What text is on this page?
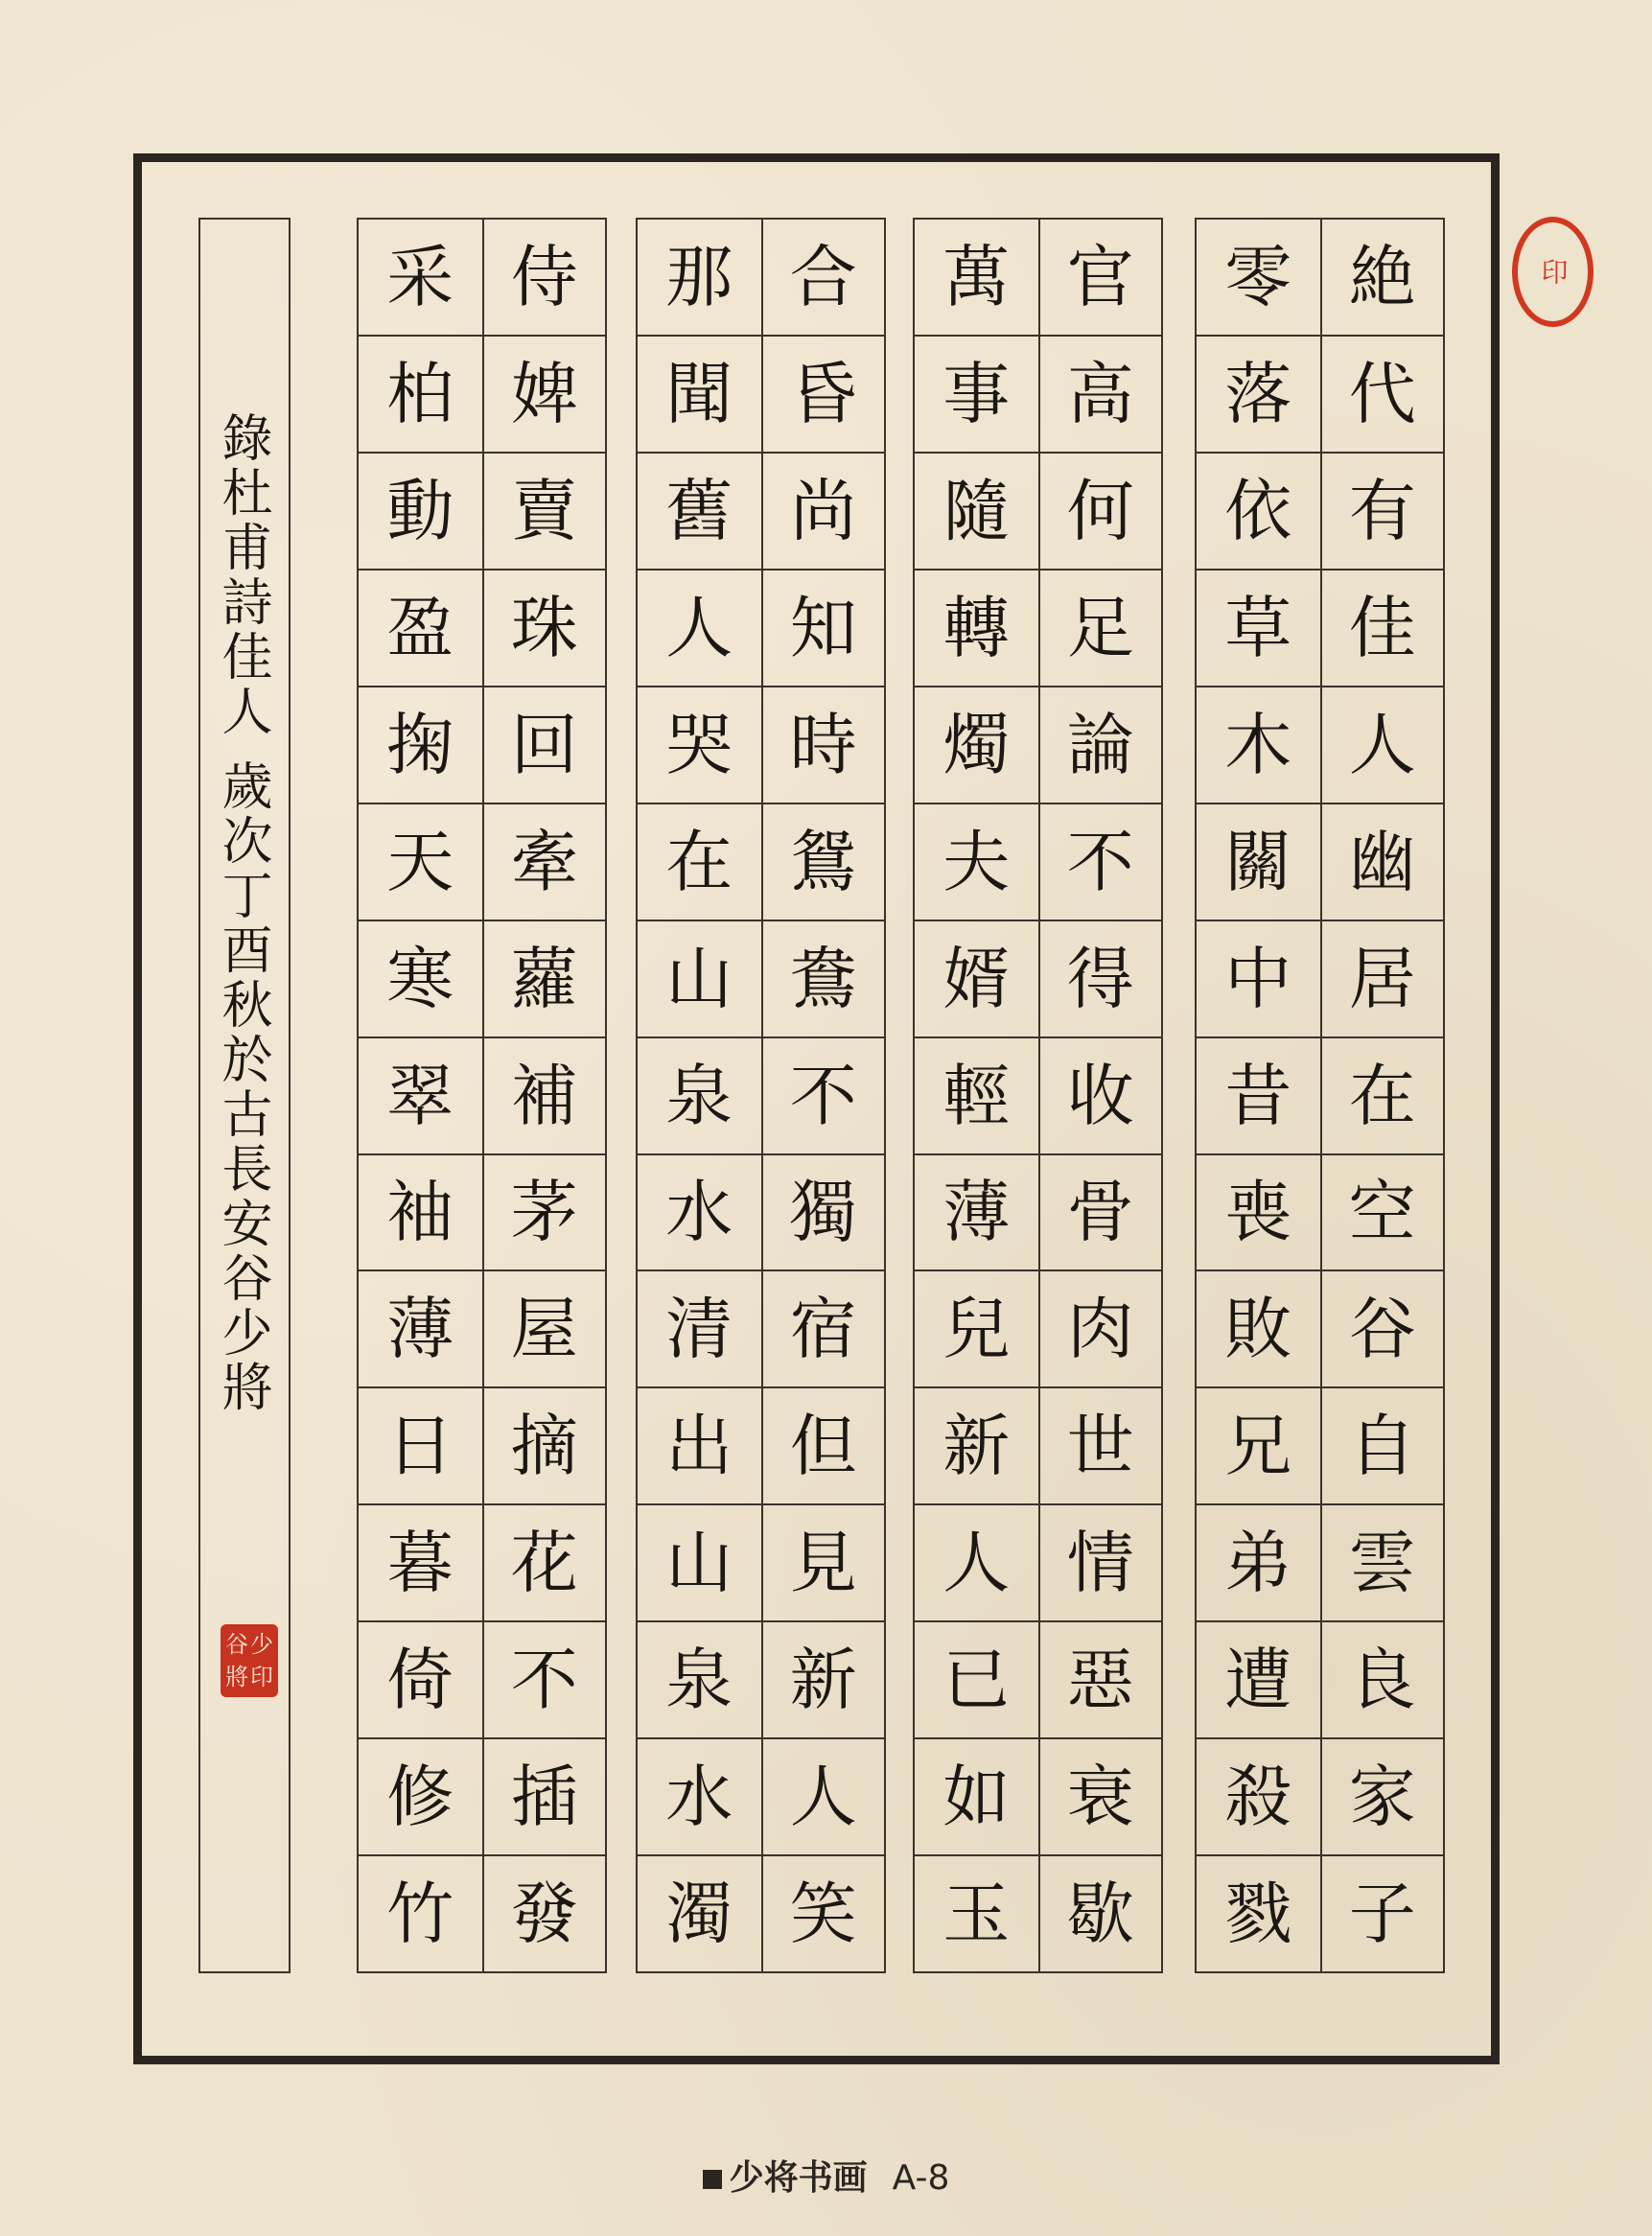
零
落
依
草
木
關
中
昔
喪
敗
兄
弟
遭
殺
戮
絶
代
有
佳
人
幽
居
在
空
谷
自
雲
良
家
子
萬
事
隨
轉
燭
夫
婿
輕
薄
兒
新
人
已
如
玉
官
高
何
足
論
不
得
收
骨
肉
世
情
惡
衰
歇
那
聞
舊
人
哭
在
山
泉
水
清
出
山
泉
水
濁
合
昏
尚
知
時
鴛
鴦
不
獨
宿
但
見
新
人
笑
采
柏
動
盈
掬
天
寒
翠
袖
薄
日
暮
倚
修
竹
侍
婢
賣
珠
回
牽
蘿
補
茅
屋
摘
花
不
插
發
錄杜甫詩佳人 歲次丁酉秋於古長安谷少將
谷 少
將 印
印
少将书画 A-8
